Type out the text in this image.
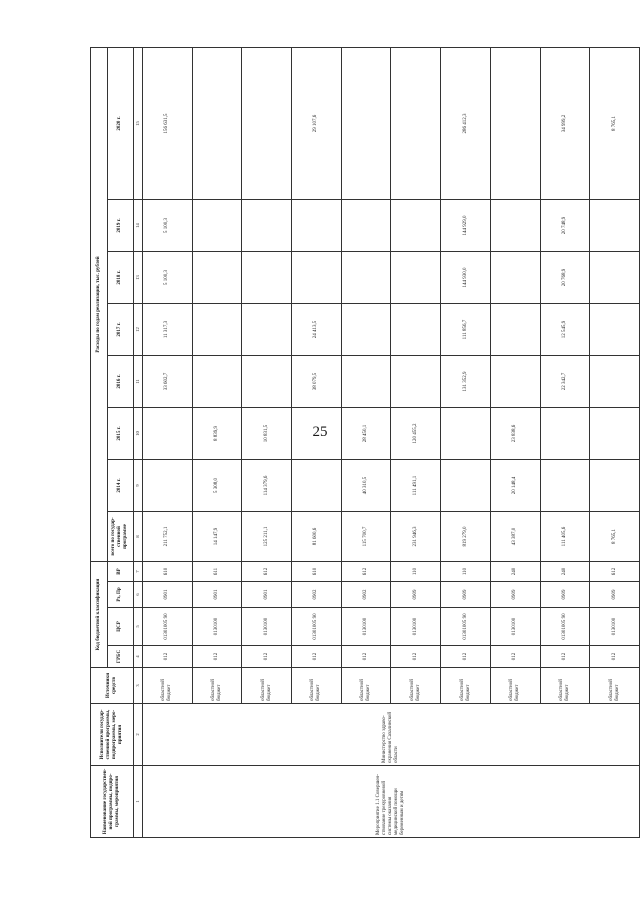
25
Наименование государствен-ной программы, подпро-граммы, мероприятия	Исполнители государ-ственной программы, подпрограммы, меро-приятия	Источники средств	Код бюджетной классификации				Расходы по годам реализации, тыс. рублей							
			ГРБС	ЦСР	Рз, Пр	ВР	всего по государ-ственной программе	2014 г.	2015 г.	2016 г.	2017 г.	2018 г.	2019 г.	2020 г.
1	2	3	4	5	6	7	8	9	10	11	12	13	14	15
Мероприятие 1.1 Совершен-ствование трехуровневой системы оказания медицинской помощи беременным и детям	Министерство здраво-охранения Сахалинской области	областной бюджет	012	01301005 90	0901	610	211 752,1			33 602,7	11 317,3	5 100,3	5 100,3	156 631,5
		областной бюджет	012	0130100	0901	611	14 147,9	5 308,0	8 839,9					
		областной бюджет	012	0130100	0901	612	125 211,1	114 379,6	10 831,5					
		областной бюджет	012	01301005 90	0902	610	81 600,6			38 079,5	24 413,5			29 107,6
		областной бюджет	012	0130100	0902	612	115 700,7	40 310,5	28 450,1					
		областной бюджет	012	0130100	0909	110	231 946,3	111 491,1	120 455,2					
		областной бюджет	012	01301005 90	0909	110	819 279,0			131 352,9	111 856,7	144 930,0	144 929,0	286 412,3
		областной бюджет	012	0130100	0909	240	43 387,0	20 148,4	23 838,6					
		областной бюджет	012	01301005 90	0909	240	111 405,6			22 342,7	12 545,9	20 768,9	20 748,9	34 999,2
		областной бюджет	012	0130100	0909	612	8 765,1							8 765,1
